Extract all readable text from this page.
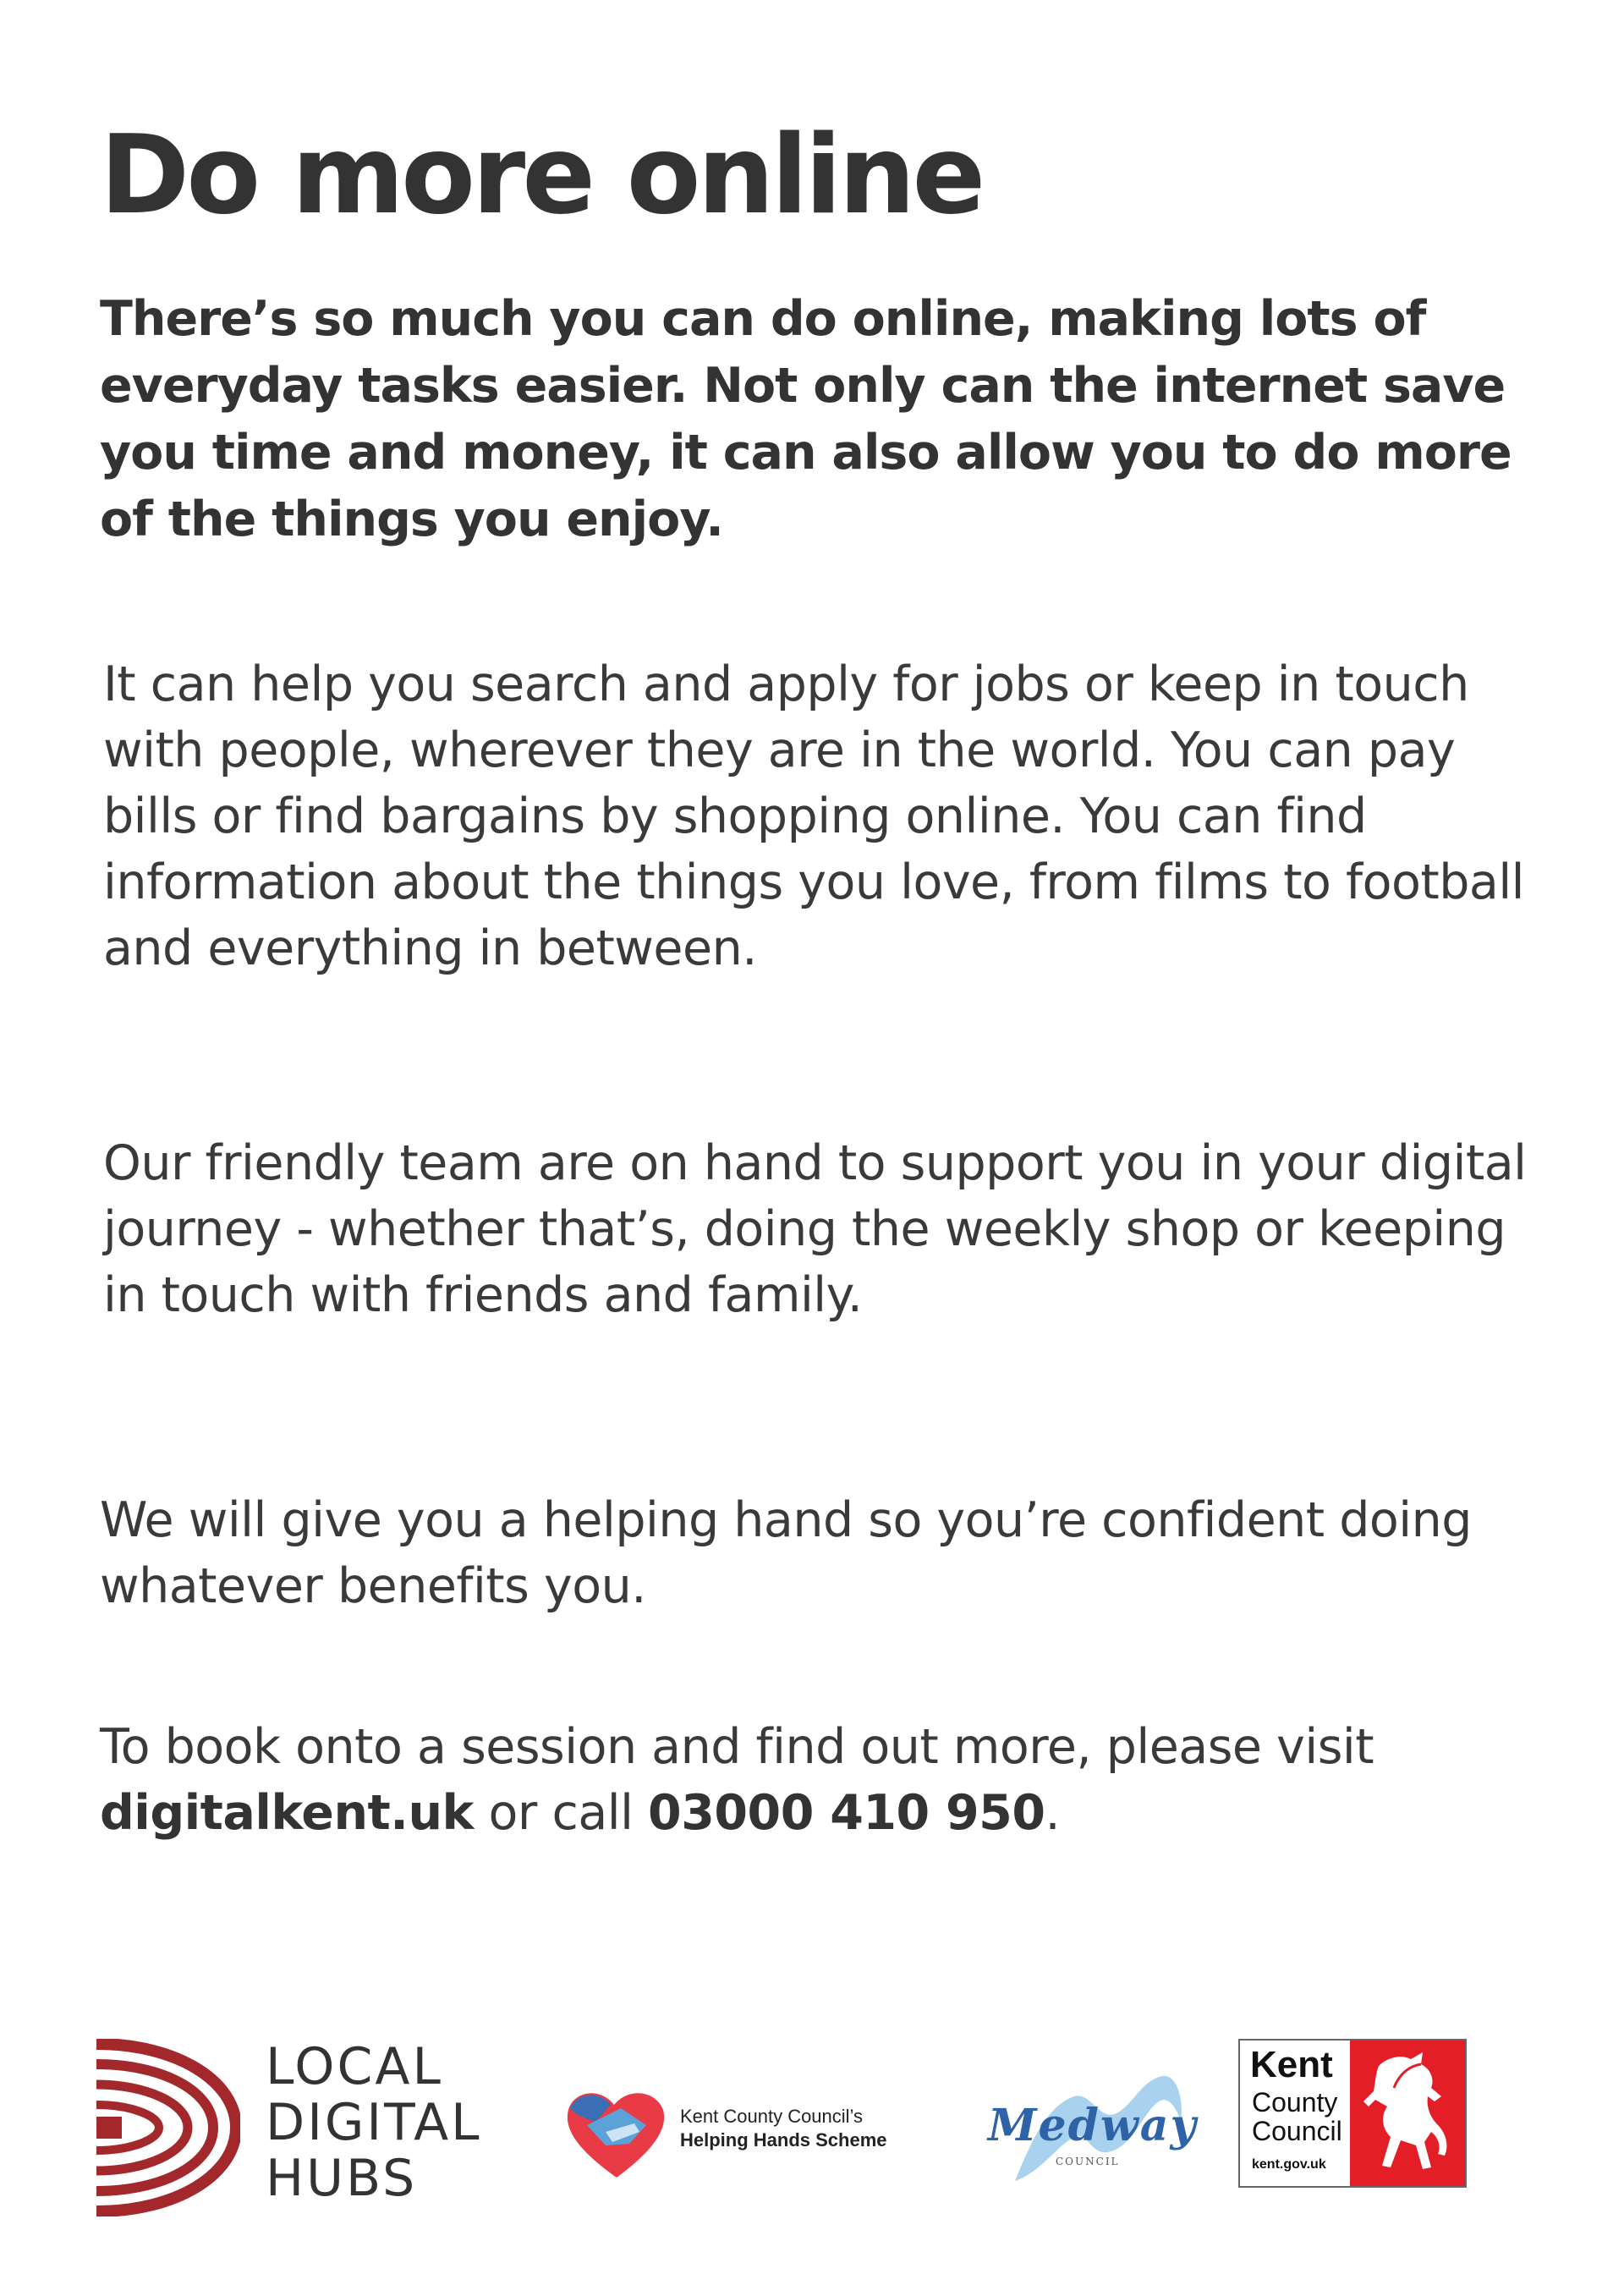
Do more online

There’s so much you can do online, making lots of everyday tasks easier. Not only can the internet save you time and money, it can also allow you to do more of the things you enjoy.

It can help you search and apply for jobs or keep in touch with people, wherever they are in the world. You can pay bills or find bargains by shopping online. You can find information about the things you love, from films to football and everything in between.

Our friendly team are on hand to support you in your digital journey - whether that’s, doing the weekly shop or keeping in touch with friends and family.

We will give you a helping hand so you’re confident doing whatever benefits you.

To book onto a session and find out more, please visit digitalkent.uk or call 03000 410 950.

LOCAL
DIGITAL
HUBS
Kent County Council’s
Helping Hands Scheme Medway
COUNCIL
Kent
County
Council
kent.gov.uk
